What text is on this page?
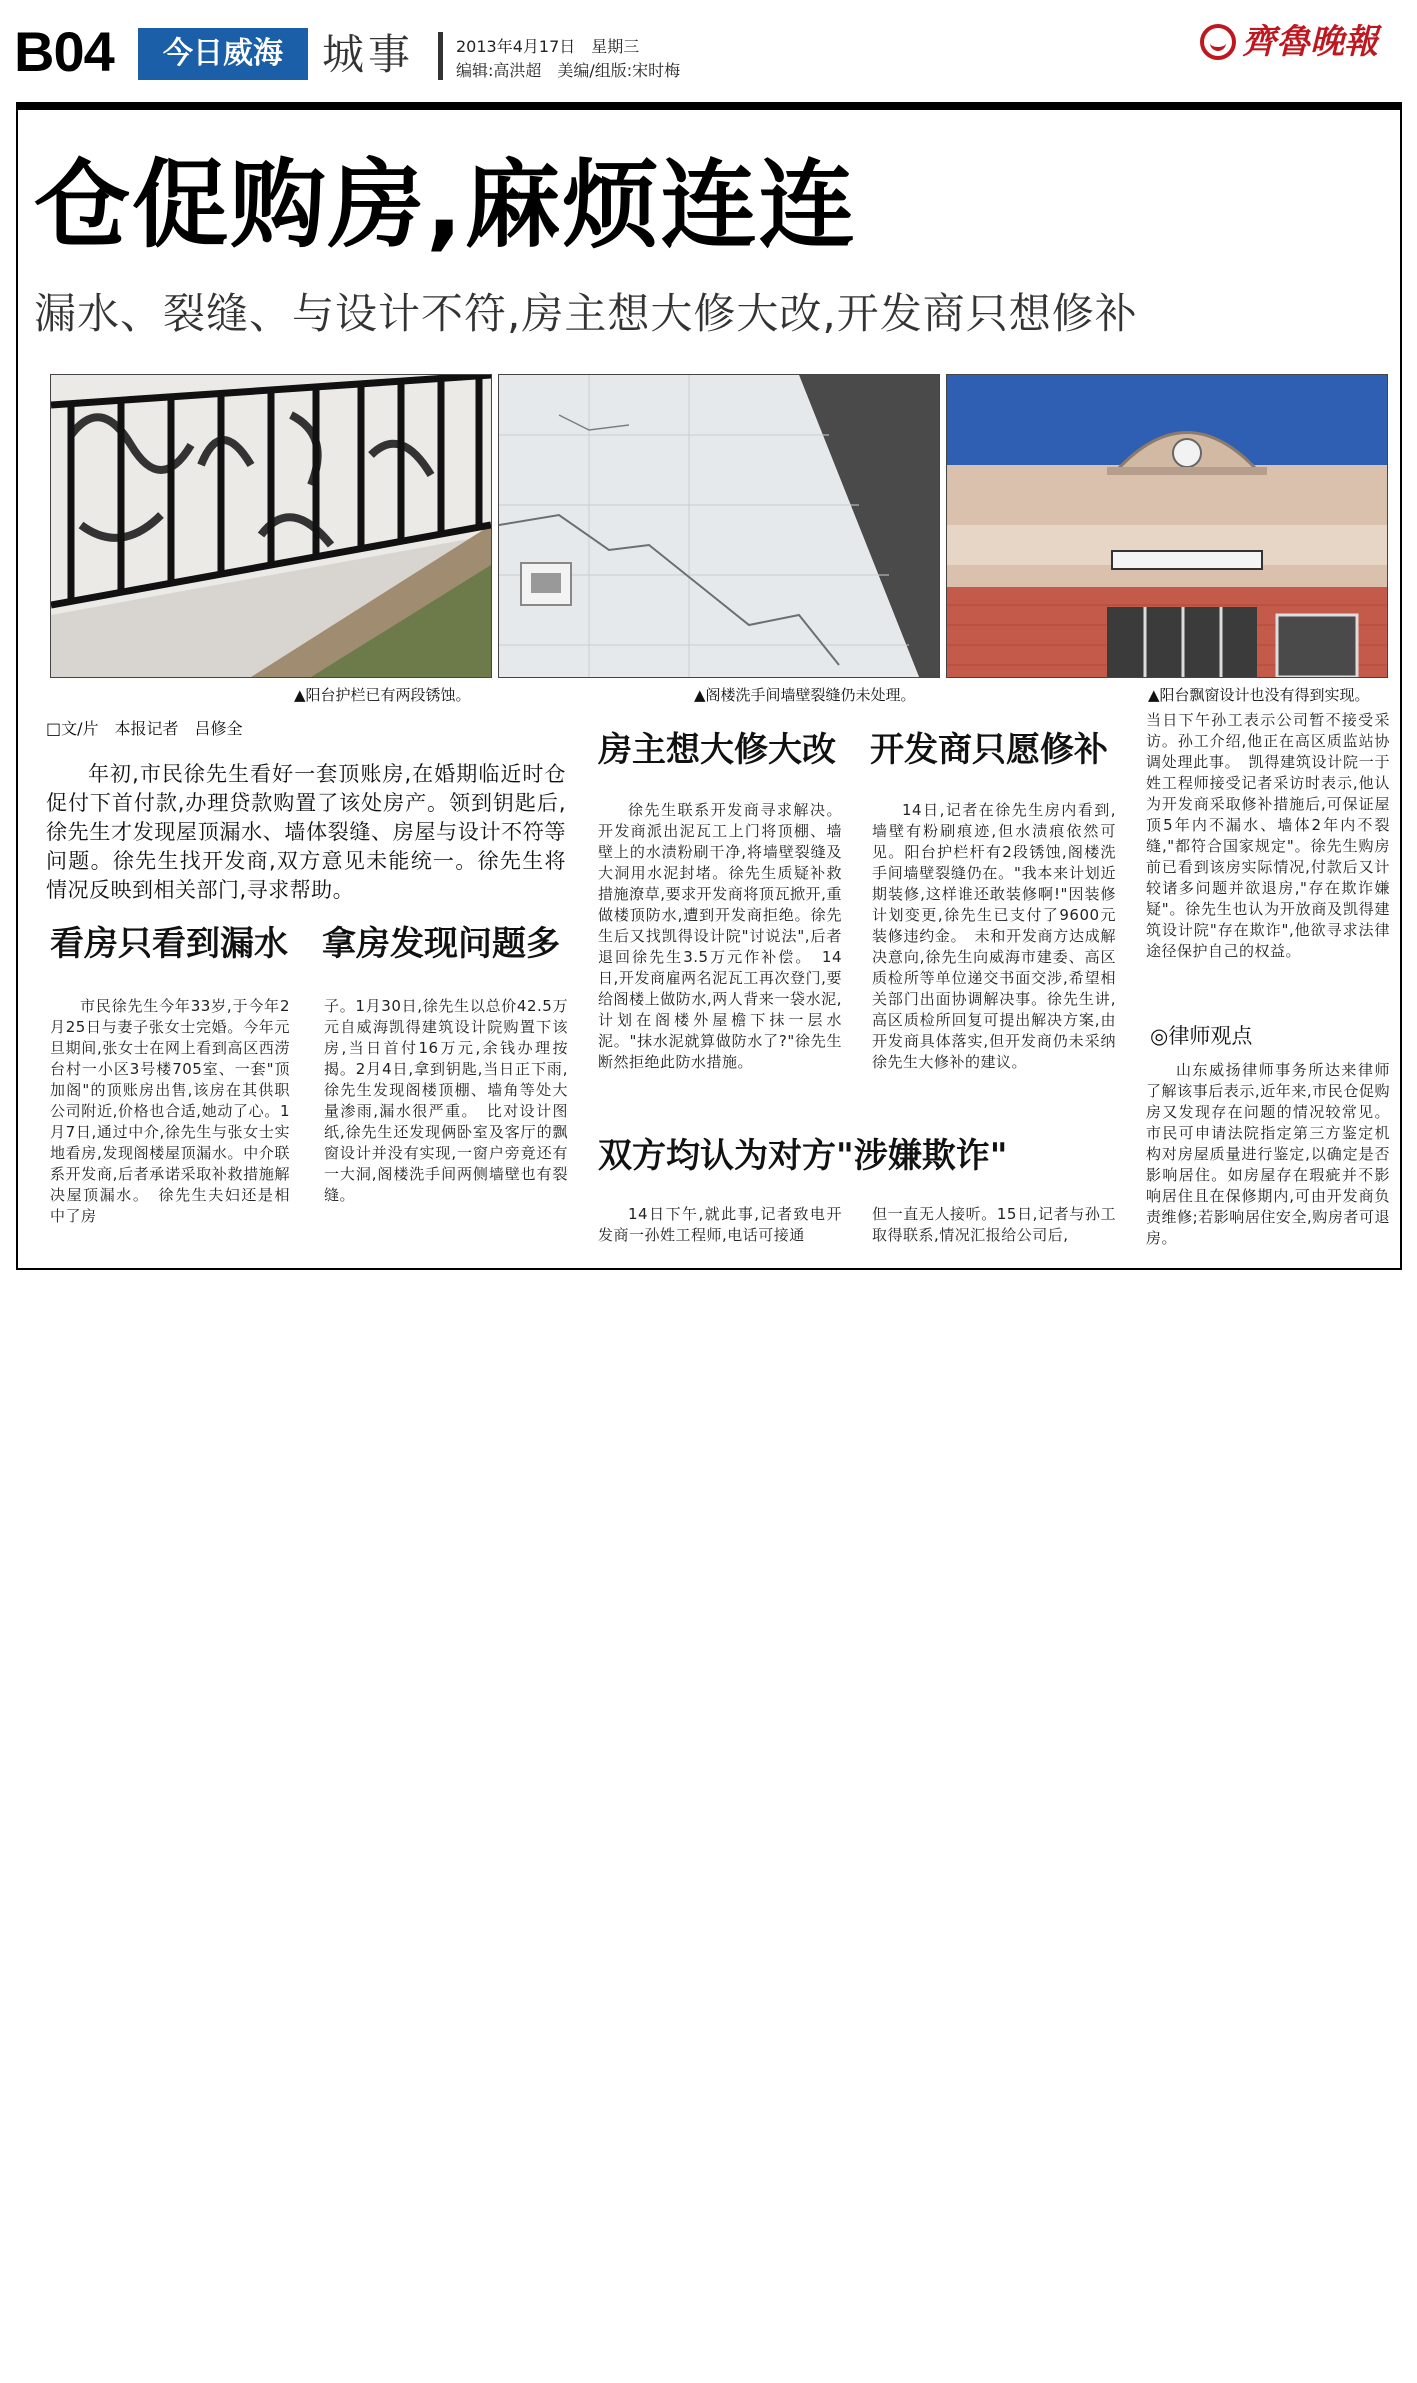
B04	今日威海 城事	2013年4月17日　星期三
编辑:高洪超　美编/组版:宋时梅
齊魯晚報
仓促购房,麻烦连连
漏水、裂缝、与设计不符,房主想大修大改,开发商只想修补
▲阳台护栏已有两段锈蚀。	▲阁楼洗手间墙壁裂缝仍未处理。	▲阳台飘窗设计也没有得到实现。
□文/片　本报记者　吕修全
年初,市民徐先生看好一套顶账房,在婚期临近时仓促付下首付款,办理贷款购置了该处房产。领到钥匙后,徐先生才发现屋顶漏水、墙体裂缝、房屋与设计不符等问题。徐先生找开发商,双方意见未能统一。徐先生将情况反映到相关部门,寻求帮助。
看房只看到漏水　拿房发现问题多
市民徐先生今年33岁,于今年2月25日与妻子张女士完婚。今年元旦期间,张女士在网上看到高区西涝台村一小区3号楼705室、一套"顶加阁"的顶账房出售,该房在其供职公司附近,价格也合适,她动了心。1月7日,通过中介,徐先生与张女士实地看房,发现阁楼屋顶漏水。中介联系开发商,后者承诺采取补救措施解决屋顶漏水。　徐先生夫妇还是相中了房
子。1月30日,徐先生以总价42.5万元自威海凯得建筑设计院购置下该房,当日首付16万元,余钱办理按揭。2月4日,拿到钥匙,当日正下雨,徐先生发现阁楼顶棚、墙角等处大量渗雨,漏水很严重。　比对设计图纸,徐先生还发现俩卧室及客厅的飘窗设计并没有实现,一窗户旁竟还有一大洞,阁楼洗手间两侧墙壁也有裂缝。
房主想大修大改　开发商只愿修补
徐先生联系开发商寻求解决。开发商派出泥瓦工上门将顶棚、墙壁上的水渍粉刷干净,将墙壁裂缝及大洞用水泥封堵。徐先生质疑补救措施潦草,要求开发商将顶瓦掀开,重做楼顶防水,遭到开发商拒绝。徐先生后又找凯得设计院"讨说法",后者退回徐先生3.5万元作补偿。　14日,开发商雇两名泥瓦工再次登门,要给阁楼上做防水,两人背来一袋水泥,计划在阁楼外屋檐下抹一层水泥。"抹水泥就算做防水了?"徐先生断然拒绝此防水措施。
14日,记者在徐先生房内看到,墙壁有粉刷痕迹,但水渍痕依然可见。阳台护栏杆有2段锈蚀,阁楼洗手间墙壁裂缝仍在。"我本来计划近期装修,这样谁还敢装修啊!"因装修计划变更,徐先生已支付了9600元装修违约金。　未和开发商方达成解决意向,徐先生向威海市建委、高区质检所等单位递交书面交涉,希望相关部门出面协调解决事。徐先生讲,高区质检所回复可提出解决方案,由开发商具体落实,但开发商仍未采纳徐先生大修补的建议。
双方均认为对方"涉嫌欺诈"
14日下午,就此事,记者致电开发商一孙姓工程师,电话可接通
但一直无人接听。15日,记者与孙工取得联系,情况汇报给公司后,
当日下午孙工表示公司暂不接受采访。孙工介绍,他正在高区质监站协调处理此事。　凯得建筑设计院一于姓工程师接受记者采访时表示,他认为开发商采取修补措施后,可保证屋顶5年内不漏水、墙体2年内不裂缝,"都符合国家规定"。徐先生购房前已看到该房实际情况,付款后又计较诸多问题并欲退房,"存在欺诈嫌疑"。徐先生也认为开放商及凯得建筑设计院"存在欺诈",他欲寻求法律途径保护自己的权益。
◎律师观点
山东威扬律师事务所达来律师了解该事后表示,近年来,市民仓促购房又发现存在问题的情况较常见。市民可申请法院指定第三方鉴定机构对房屋质量进行鉴定,以确定是否影响居住。如房屋存在瑕疵并不影响居住且在保修期内,可由开发商负责维修;若影响居住安全,购房者可退房。
